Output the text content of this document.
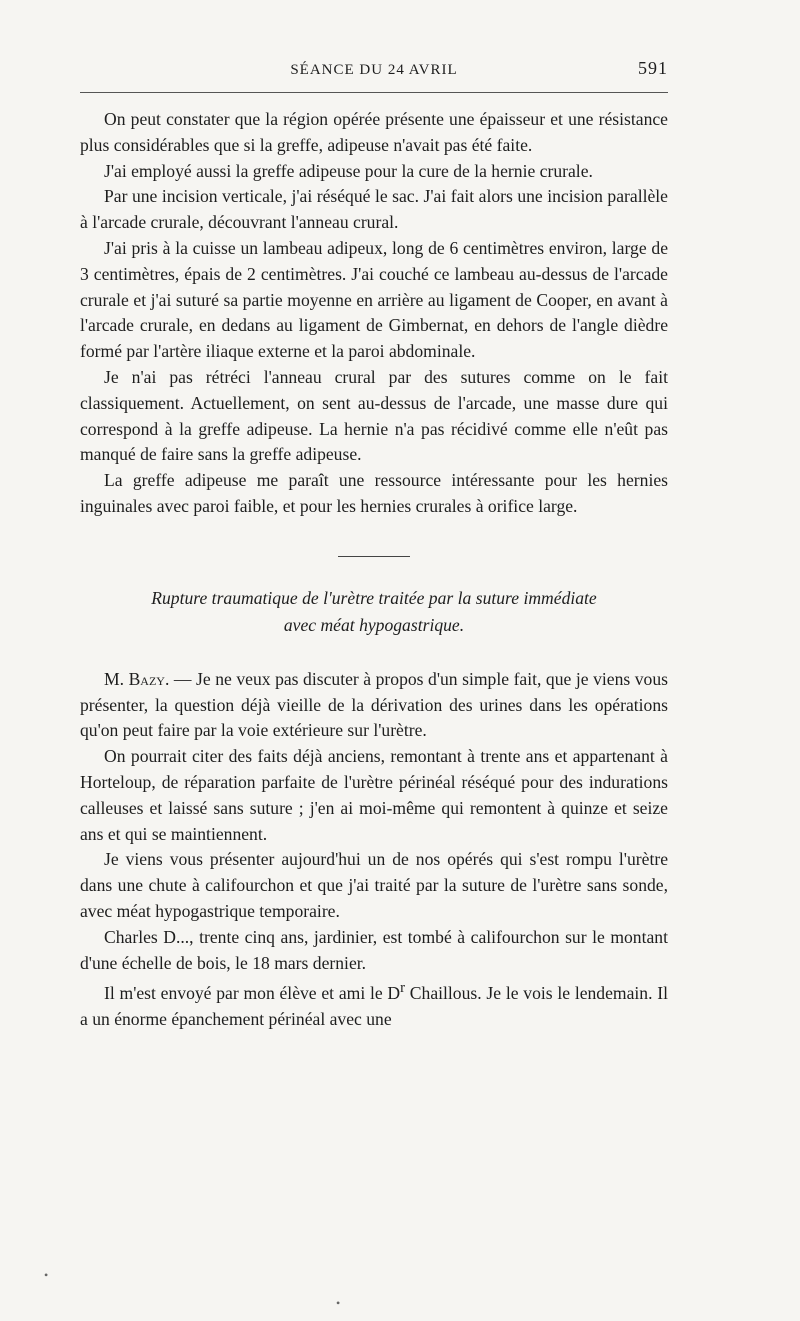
SÉANCE DU 24 AVRIL	591

On peut constater que la région opérée présente une épaisseur et une résistance plus considérables que si la greffe, adipeuse n'avait pas été faite.

J'ai employé aussi la greffe adipeuse pour la cure de la hernie crurale.

Par une incision verticale, j'ai réséqué le sac. J'ai fait alors une incision parallèle à l'arcade crurale, découvrant l'anneau crural.

J'ai pris à la cuisse un lambeau adipeux, long de 6 centimètres environ, large de 3 centimètres, épais de 2 centimètres. J'ai couché ce lambeau au-dessus de l'arcade crurale et j'ai suturé sa partie moyenne en arrière au ligament de Cooper, en avant à l'arcade crurale, en dedans au ligament de Gimbernat, en dehors de l'angle dièdre formé par l'artère iliaque externe et la paroi abdominale.

Je n'ai pas rétréci l'anneau crural par des sutures comme on le fait classiquement. Actuellement, on sent au-dessus de l'arcade, une masse dure qui correspond à la greffe adipeuse. La hernie n'a pas récidivé comme elle n'eût pas manqué de faire sans la greffe adipeuse.

La greffe adipeuse me paraît une ressource intéressante pour les hernies inguinales avec paroi faible, et pour les hernies crurales à orifice large.

Rupture traumatique de l'urètre traitée par la suture immédiate
avec méat hypogastrique.

M. Bazy. — Je ne veux pas discuter à propos d'un simple fait, que je viens vous présenter, la question déjà vieille de la dérivation des urines dans les opérations qu'on peut faire par la voie extérieure sur l'urètre.

On pourrait citer des faits déjà anciens, remontant à trente ans et appartenant à Horteloup, de réparation parfaite de l'urètre périnéal réséqué pour des indurations calleuses et laissé sans suture ; j'en ai moi-même qui remontent à quinze et seize ans et qui se maintiennent.

Je viens vous présenter aujourd'hui un de nos opérés qui s'est rompu l'urètre dans une chute à califourchon et que j'ai traité par la suture de l'urètre sans sonde, avec méat hypogastrique temporaire.

Charles D..., trente cinq ans, jardinier, est tombé à califourchon sur le montant d'une échelle de bois, le 18 mars dernier.

Il m'est envoyé par mon élève et ami le $D^r$ Chaillous. Je le vois le lendemain. Il a un énorme épanchement périnéal avec une

•
•
